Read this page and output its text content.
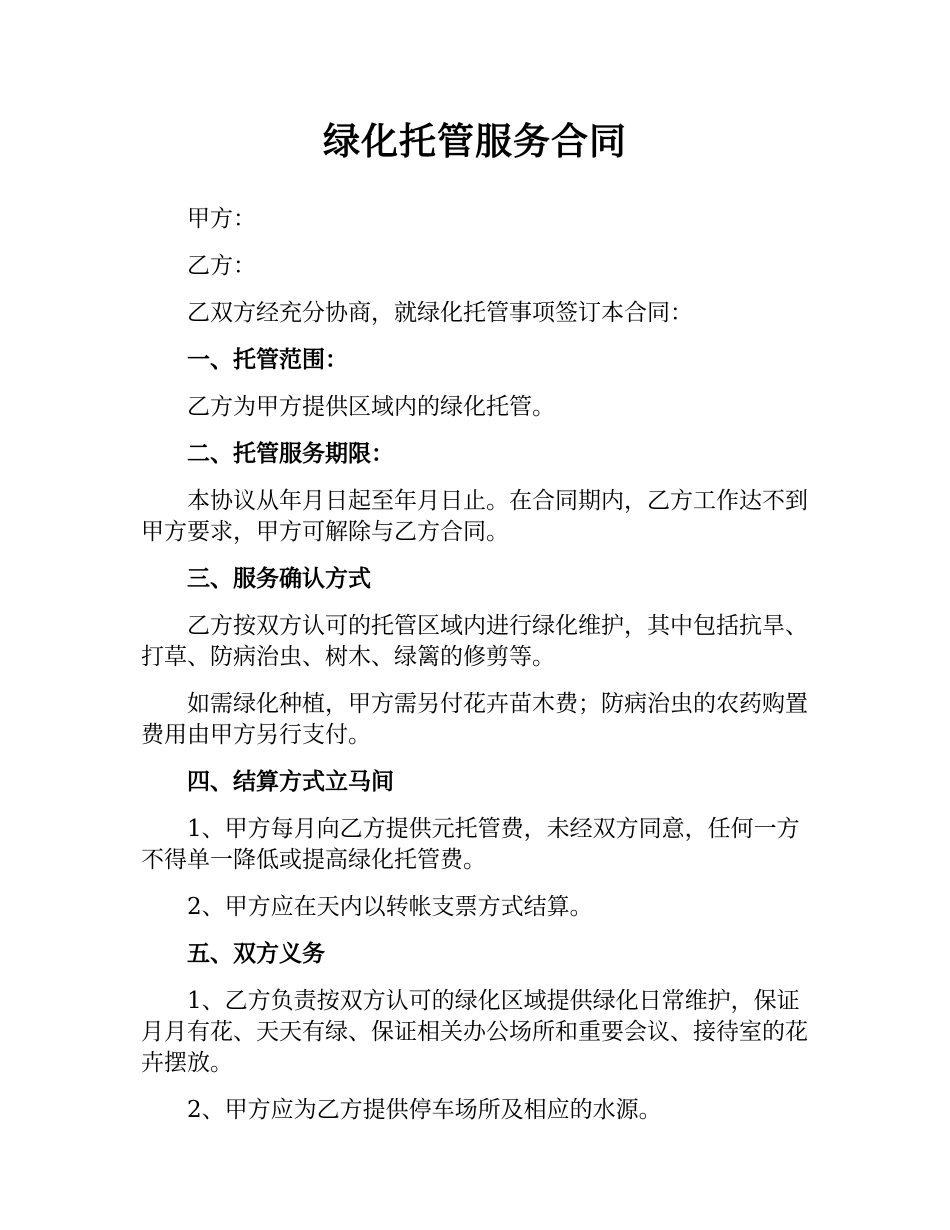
绿化托管服务合同

甲方：

乙方：

乙双方经充分协商，就绿化托管事项签订本合同：

一、托管范围：

乙方为甲方提供区域内的绿化托管。

二、托管服务期限：

本协议从年月日起至年月日止。在合同期内，乙方工作达不到甲方要求，甲方可解除与乙方合同。

三、服务确认方式

乙方按双方认可的托管区域内进行绿化维护，其中包括抗旱、打草、防病治虫、树木、绿篱的修剪等。

如需绿化种植，甲方需另付花卉苗木费；防病治虫的农药购置费用由甲方另行支付。

四、结算方式立马间

1、甲方每月向乙方提供元托管费，未经双方同意，任何一方不得单一降低或提高绿化托管费。

2、甲方应在天内以转帐支票方式结算。

五、双方义务

1、乙方负责按双方认可的绿化区域提供绿化日常维护，保证月月有花、天天有绿、保证相关办公场所和重要会议、接待室的花卉摆放。

2、甲方应为乙方提供停车场所及相应的水源。
